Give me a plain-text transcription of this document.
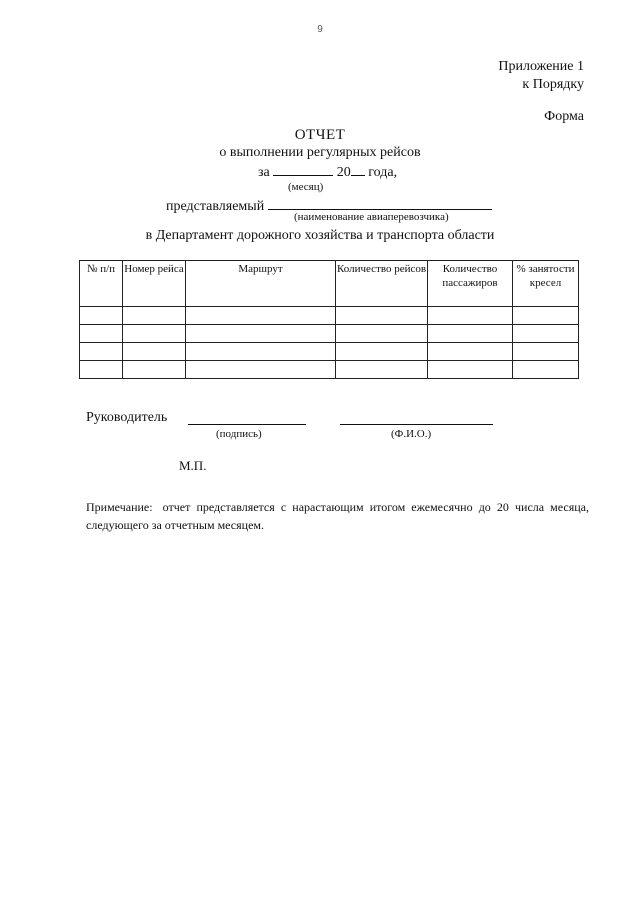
9
Приложение 1
к Порядку
Форма
ОТЧЕТ
о выполнении регулярных рейсов
за	20 года,
(месяц)
представляемый
(наименование авиаперевозчика)
в Департамент дорожного хозяйства и транспорта области
№ п/п	Номер рейса	Маршрут	Количество рейсов	Количество пассажиров	% занятости кресел

Руководитель
(подпись)	(Ф.И.О.)
М.П.
Примечание: отчет представляется с нарастающим итогом ежемесячно до 20 числа месяца, следующего за отчетным месяцем.
